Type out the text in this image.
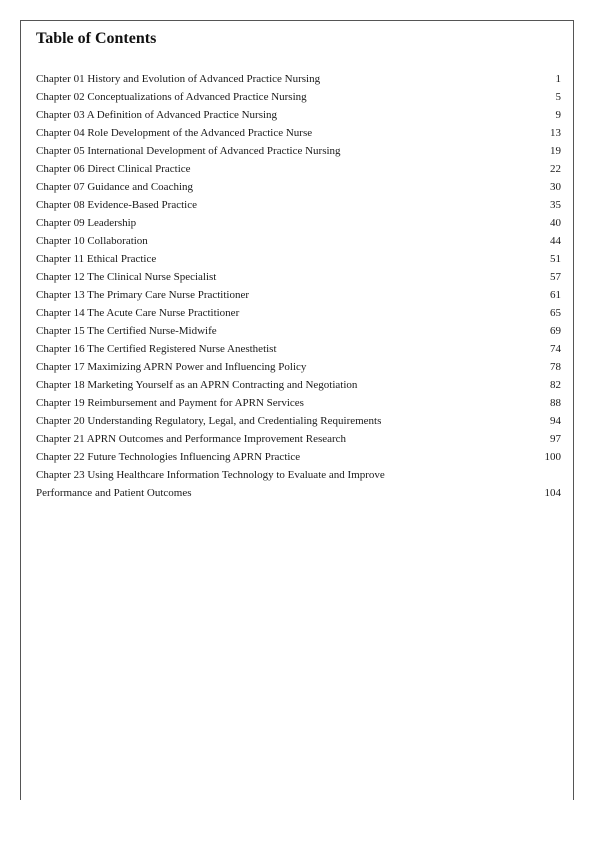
Table of Contents
Chapter 01 History and Evolution of Advanced Practice Nursing	1
Chapter 02 Conceptualizations of Advanced Practice Nursing	5
Chapter 03 A Definition of Advanced Practice Nursing	9
Chapter 04 Role Development of the Advanced Practice Nurse	13
Chapter 05 International Development of Advanced Practice Nursing	19
Chapter 06 Direct Clinical Practice	22
Chapter 07 Guidance and Coaching	30
Chapter 08 Evidence-Based Practice	35
Chapter 09 Leadership	40
Chapter 10 Collaboration	44
Chapter 11 Ethical Practice	51
Chapter 12 The Clinical Nurse Specialist	57
Chapter 13 The Primary Care Nurse Practitioner	61
Chapter 14 The Acute Care Nurse Practitioner	65
Chapter 15 The Certified Nurse-Midwife	69
Chapter 16 The Certified Registered Nurse Anesthetist	74
Chapter 17 Maximizing APRN Power and Influencing Policy	78
Chapter 18 Marketing Yourself as an APRN Contracting and Negotiation	82
Chapter 19 Reimbursement and Payment for APRN Services	88
Chapter 20 Understanding Regulatory, Legal, and Credentialing Requirements	94
Chapter 21 APRN Outcomes and Performance Improvement Research	97
Chapter 22 Future Technologies Influencing APRN Practice	100
Chapter 23 Using Healthcare Information Technology to Evaluate and Improve
Performance and Patient Outcomes	104
